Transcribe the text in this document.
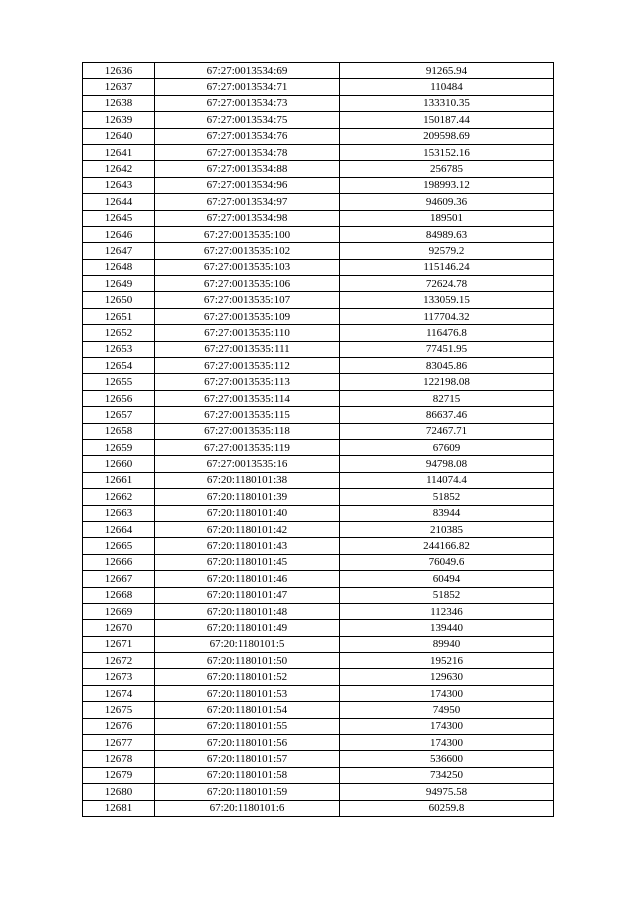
12636	67:27:0013534:69	91265.94
12637	67:27:0013534:71	110484
12638	67:27:0013534:73	133310.35
12639	67:27:0013534:75	150187.44
12640	67:27:0013534:76	209598.69
12641	67:27:0013534:78	153152.16
12642	67:27:0013534:88	256785
12643	67:27:0013534:96	198993.12
12644	67:27:0013534:97	94609.36
12645	67:27:0013534:98	189501
12646	67:27:0013535:100	84989.63
12647	67:27:0013535:102	92579.2
12648	67:27:0013535:103	115146.24
12649	67:27:0013535:106	72624.78
12650	67:27:0013535:107	133059.15
12651	67:27:0013535:109	117704.32
12652	67:27:0013535:110	116476.8
12653	67:27:0013535:111	77451.95
12654	67:27:0013535:112	83045.86
12655	67:27:0013535:113	122198.08
12656	67:27:0013535:114	82715
12657	67:27:0013535:115	86637.46
12658	67:27:0013535:118	72467.71
12659	67:27:0013535:119	67609
12660	67:27:0013535:16	94798.08
12661	67:20:1180101:38	114074.4
12662	67:20:1180101:39	51852
12663	67:20:1180101:40	83944
12664	67:20:1180101:42	210385
12665	67:20:1180101:43	244166.82
12666	67:20:1180101:45	76049.6
12667	67:20:1180101:46	60494
12668	67:20:1180101:47	51852
12669	67:20:1180101:48	112346
12670	67:20:1180101:49	139440
12671	67:20:1180101:5	89940
12672	67:20:1180101:50	195216
12673	67:20:1180101:52	129630
12674	67:20:1180101:53	174300
12675	67:20:1180101:54	74950
12676	67:20:1180101:55	174300
12677	67:20:1180101:56	174300
12678	67:20:1180101:57	536600
12679	67:20:1180101:58	734250
12680	67:20:1180101:59	94975.58
12681	67:20:1180101:6	60259.8
